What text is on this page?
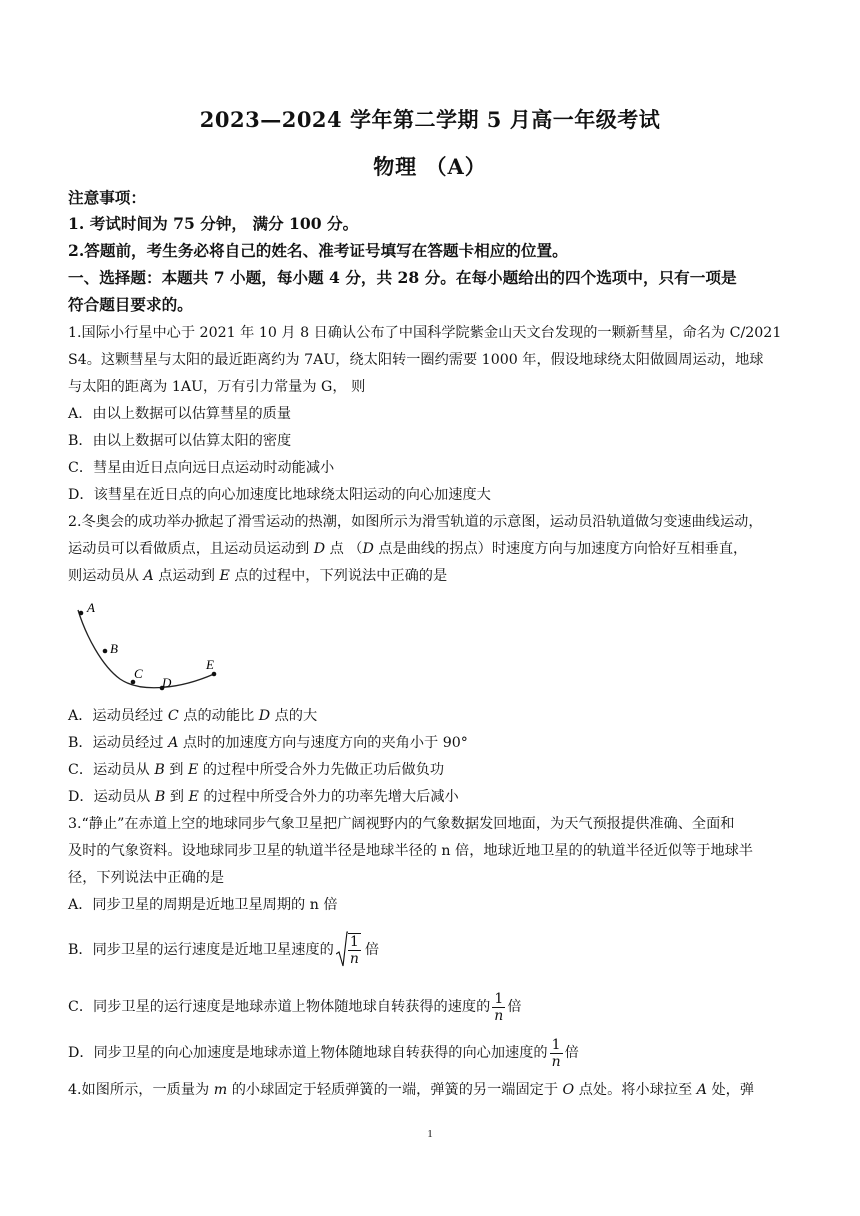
2023—2024 学年第二学期 5 月高一年级考试
物理 （A）
注意事项：
1. 考试时间为 75 分钟， 满分 100 分。
2.答题前，考生务必将自己的姓名、准考证号填写在答题卡相应的位置。
一、选择题：本题共 7 小题，每小题 4 分，共 28 分。在每小题给出的四个选项中，只有一项是
符合题目要求的。
1.国际小行星中心于 2021 年 10 月 8 日确认公布了中国科学院紫金山天文台发现的一颗新彗星，命名为 C/2021
S4。这颗彗星与太阳的最近距离约为 7AU，绕太阳转一圈约需要 1000 年，假设地球绕太阳做圆周运动，地球
与太阳的距离为 1AU，万有引力常量为 G， 则
A．由以上数据可以估算彗星的质量
B．由以上数据可以估算太阳的密度
C．彗星由近日点向远日点运动时动能减小
D．该彗星在近日点的向心加速度比地球绕太阳运动的向心加速度大
2.冬奥会的成功举办掀起了滑雪运动的热潮，如图所示为滑雪轨道的示意图，运动员沿轨道做匀变速曲线运动，
运动员可以看做质点，且运动员运动到 D 点 （D 点是曲线的拐点）时速度方向与加速度方向恰好互相垂直，
则运动员从 A 点运动到 E 点的过程中，下列说法中正确的是
A
B
C
D
E
A．运动员经过 C 点的动能比 D 点的大
B．运动员经过 A 点时的加速度方向与速度方向的夹角小于 90°
C．运动员从 B 到 E 的过程中所受合外力先做正功后做负功
D．运动员从 B 到 E 的过程中所受合外力的功率先增大后减小
3.“静止”在赤道上空的地球同步气象卫星把广阔视野内的气象数据发回地面，为天气预报提供准确、全面和
及时的气象资料。设地球同步卫星的轨道半径是地球半径的 n 倍，地球近地卫星的的轨道半径近似等于地球半
径，下列说法中正确的是
A．同步卫星的周期是近地卫星周期的 n 倍
B．同步卫星的运行速度是近地卫星速度的 $\frac{1}{n}$ 倍
C．同步卫星的运行速度是地球赤道上物体随地球自转获得的速度的 $\frac{1}{n}$ 倍
D．同步卫星的向心加速度是地球赤道上物体随地球自转获得的向心加速度的 $\frac{1}{n}$ 倍
4.如图所示，一质量为 m 的小球固定于轻质弹簧的一端，弹簧的另一端固定于 O 点处。将小球拉至 A 处，弹
1
